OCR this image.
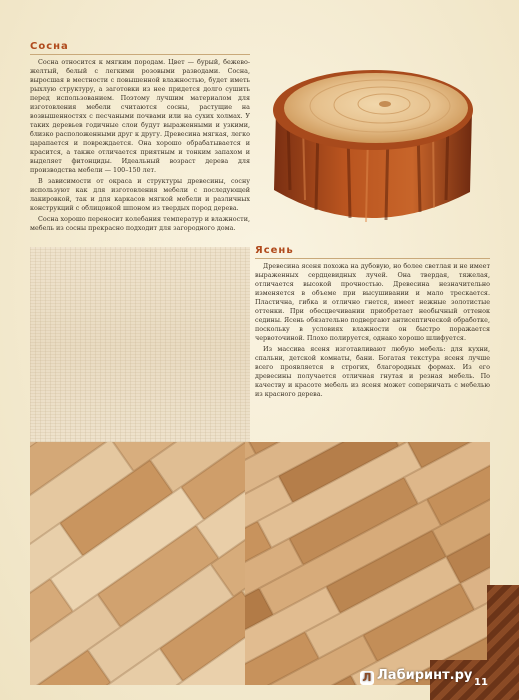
Сосна

Сосна относится к мягким породам. Цвет — бурый, бежево-желтый, белый с легкими розовыми разводами. Сосна, выросшая в местности с повышенной влажностью, будет иметь рыхлую структуру, а заготовки из нее придется долго сушить перед использованием. Поэтому лучшим материалом для изготовления мебели считаются сосны, растущие на возвышенностях с песчаными почвами или на сухих холмах. У таких деревьев годичные слои будут выраженными и узкими, близко расположенными друг к другу. Древесина мягкая, легко царапается и повреждается. Она хорошо обрабатывается и красится, а также отличается приятным и тонким запахом и выделяет фитонциды. Идеальный возраст дерева для производства мебели — 100–150 лет.

В зависимости от окраса и структуры древесины, сосну используют как для изготовления мебели с последующей лакировкой, так и для каркасов мягкой мебели и различных конструкций с облицовкой шпоном из твердых пород дерева.

Сосна хорошо переносит колебания температур и влажности, мебель из сосны прекрасно подходит для загородного дома.

Ясень

Древесина ясеня похожа на дубовую, но более светлая и не имеет выраженных сердцевидных лучей. Она твердая, тяжелая, отличается высокой прочностью. Древесина незначительно изменяется в объеме при высушивании и мало трескается. Пластична, гибка и отлично гнется, имеет нежные золотистые оттенки. При обесцвечивании приобретает необычный оттенок седины. Ясень обязательно подвергают антисептической обработке, поскольку в условиях влажности он быстро поражается червоточиной. Плохо полируется, однако хорошо шлифуется.

Из массива ясеня изготавливают любую мебель: для кухни, спальни, детской комнаты, бани. Богатая текстура ясеня лучше всего проявляется в строгих, благородных формах. Из его древесины получается отличная гнутая и резная мебель. По качеству и красоте мебель из ясеня может соперничать с мебелью из красного дерева.

Л Лабиринт.ру 11
